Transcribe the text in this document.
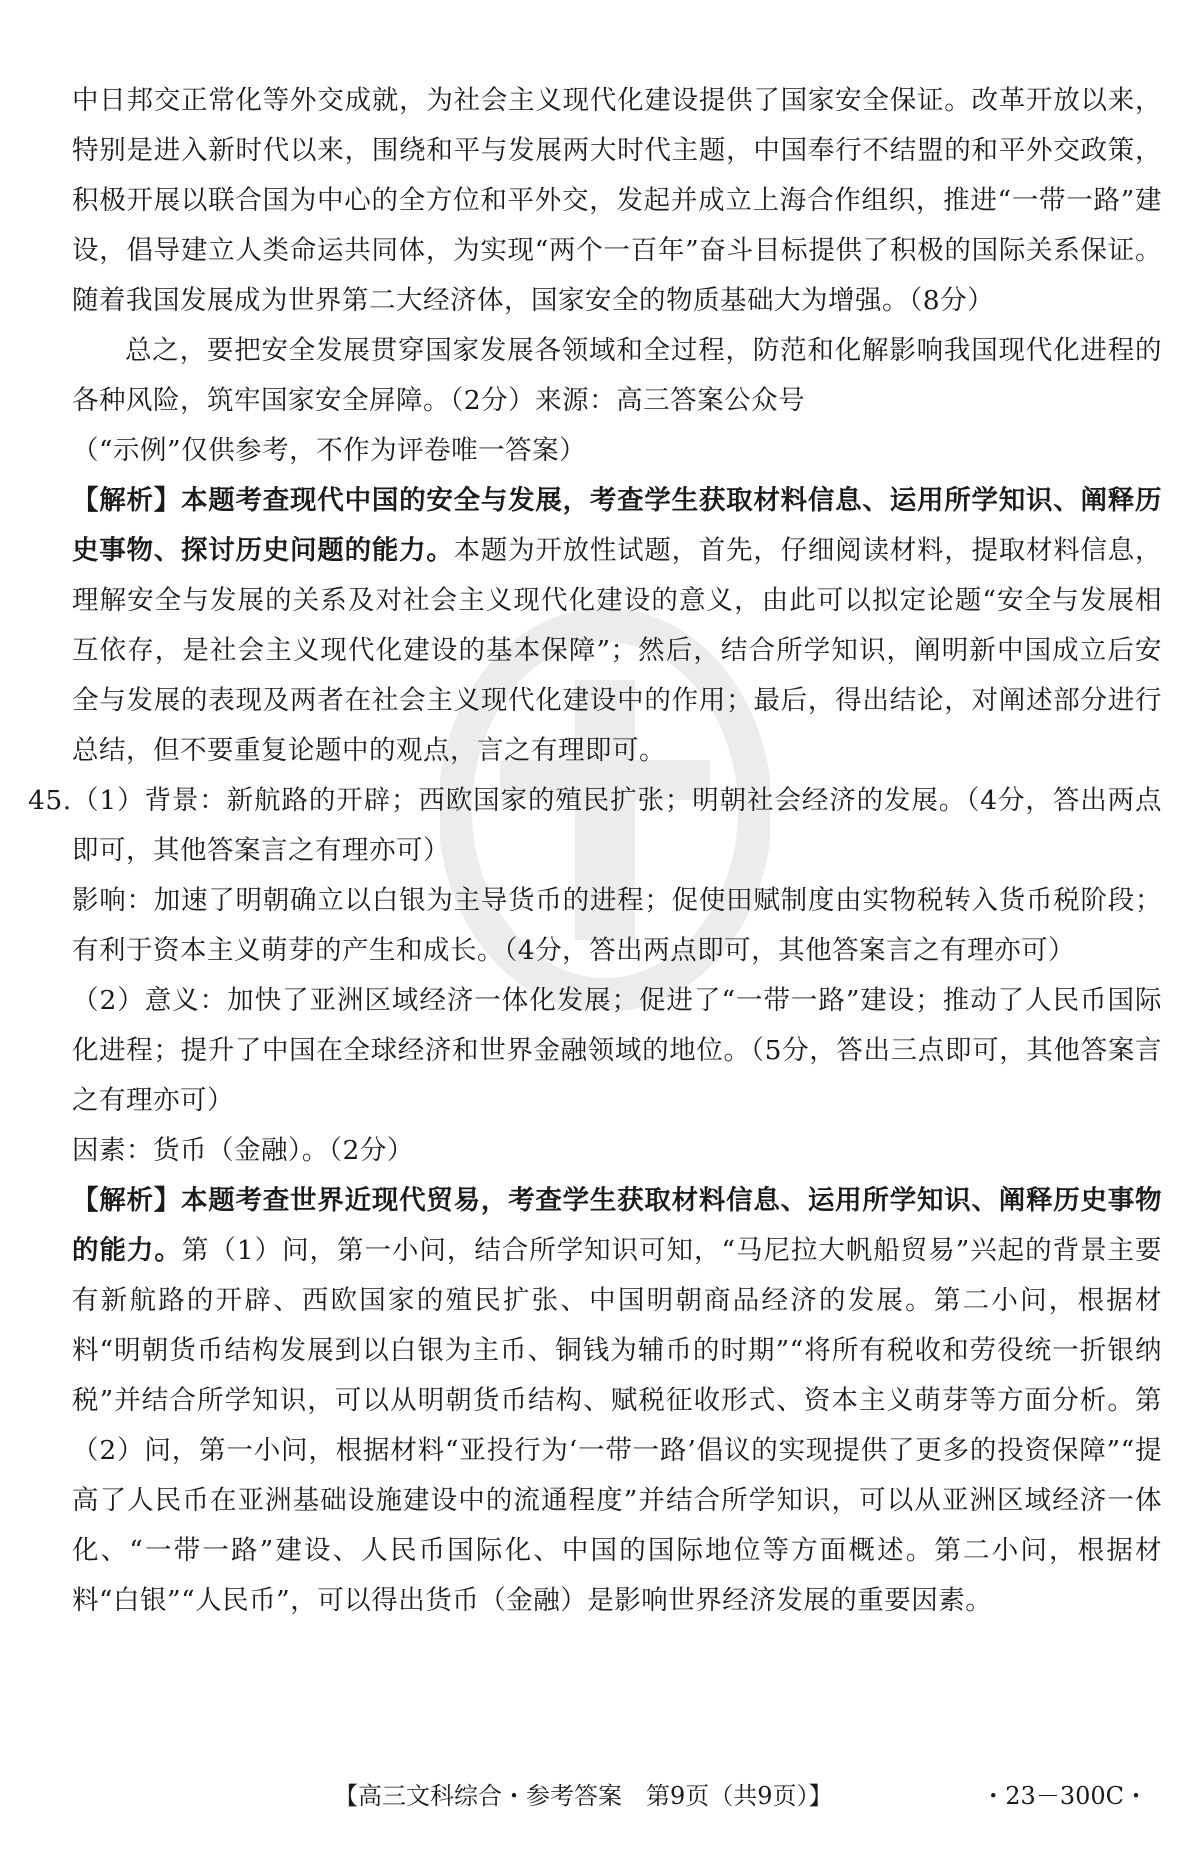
中日邦交正常化等外交成就，为社会主义现代化建设提供了国家安全保证。改革开放以来，特别是进入新时代以来，围绕和平与发展两大时代主题，中国奉行不结盟的和平外交政策，积极开展以联合国为中心的全方位和平外交，发起并成立上海合作组织，推进“一带一路”建设，倡导建立人类命运共同体，为实现“两个一百年”奋斗目标提供了积极的国际关系保证。随着我国发展成为世界第二大经济体，国家安全的物质基础大为增强。（8分）

总之，要把安全发展贯穿国家发展各领域和全过程，防范和化解影响我国现代化进程的各种风险，筑牢国家安全屏障。（2分）来源：高三答案公众号

（“示例”仅供参考，不作为评卷唯一答案）

【解析】本题考查现代中国的安全与发展，考查学生获取材料信息、运用所学知识、阐释历史事物、探讨历史问题的能力。本题为开放性试题，首先，仔细阅读材料，提取材料信息，理解安全与发展的关系及对社会主义现代化建设的意义，由此可以拟定论题“安全与发展相互依存，是社会主义现代化建设的基本保障”；然后，结合所学知识，阐明新中国成立后安全与发展的表现及两者在社会主义现代化建设中的作用；最后，得出结论，对阐述部分进行总结，但不要重复论题中的观点，言之有理即可。

45. （1）背景：新航路的开辟；西欧国家的殖民扩张；明朝社会经济的发展。（4分，答出两点即可，其他答案言之有理亦可）

影响：加速了明朝确立以白银为主导货币的进程；促使田赋制度由实物税转入货币税阶段；有利于资本主义萌芽的产生和成长。（4分，答出两点即可，其他答案言之有理亦可）

（2）意义：加快了亚洲区域经济一体化发展；促进了“一带一路”建设；推动了人民币国际化进程；提升了中国在全球经济和世界金融领域的地位。（5分，答出三点即可，其他答案言之有理亦可）

因素：货币（金融）。（2分）

【解析】本题考查世界近现代贸易，考查学生获取材料信息、运用所学知识、阐释历史事物的能力。第（1）问，第一小问，结合所学知识可知，“马尼拉大帆船贸易”兴起的背景主要有新航路的开辟、西欧国家的殖民扩张、中国明朝商品经济的发展。第二小问，根据材料“明朝货币结构发展到以白银为主币、铜钱为辅币的时期”“将所有税收和劳役统一折银纳税”并结合所学知识，可以从明朝货币结构、赋税征收形式、资本主义萌芽等方面分析。第（2）问，第一小问，根据材料“亚投行为‘一带一路’倡议的实现提供了更多的投资保障”“提高了人民币在亚洲基础设施建设中的流通程度”并结合所学知识，可以从亚洲区域经济一体化、“一带一路”建设、人民币国际化、中国的国际地位等方面概述。第二小问，根据材料“白银”“人民币”，可以得出货币（金融）是影响世界经济发展的重要因素。

【高三文科综合・参考答案　第9页（共9页）】	・23－300C・
